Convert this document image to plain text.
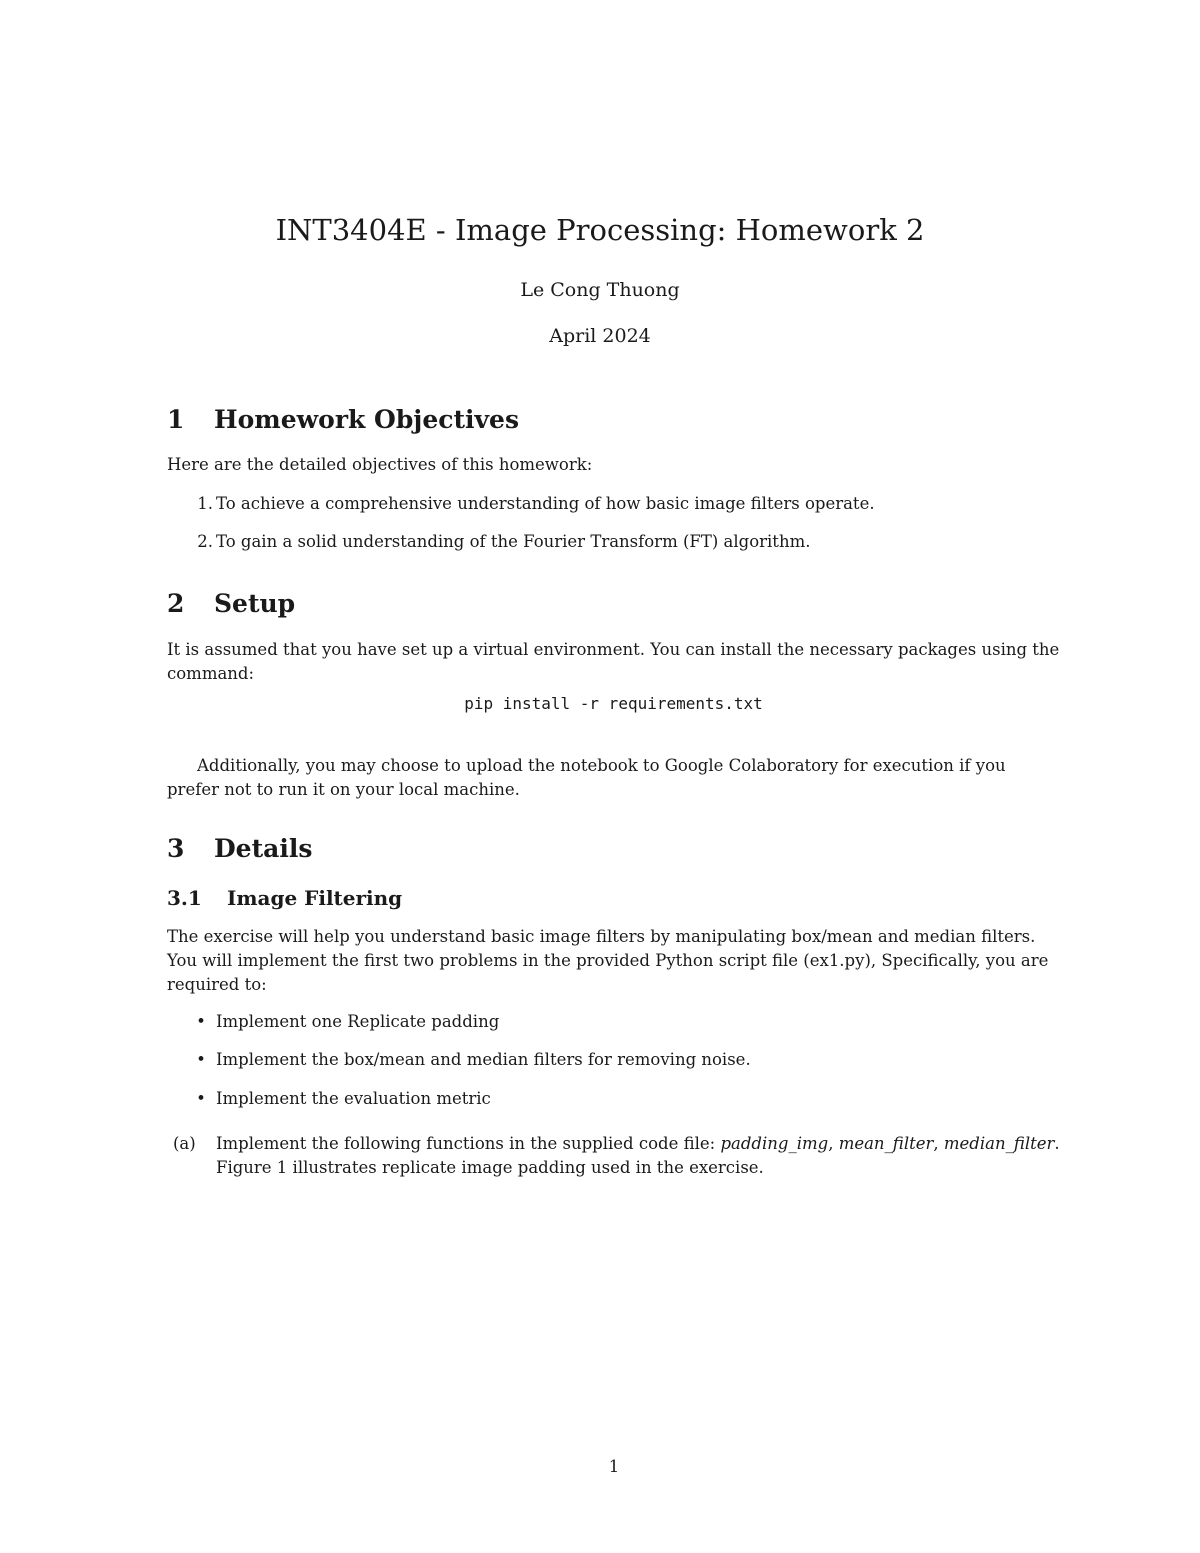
INT3404E - Image Processing: Homework 2
Le Cong Thuong
April 2024
1 Homework Objectives
Here are the detailed objectives of this homework:
1. To achieve a comprehensive understanding of how basic image filters operate.
2. To gain a solid understanding of the Fourier Transform (FT) algorithm.
2 Setup
It is assumed that you have set up a virtual environment. You can install the necessary packages using the command:
pip install -r requirements.txt
Additionally, you may choose to upload the notebook to Google Colaboratory for execution if you prefer not to run it on your local machine.
3 Details
3.1 Image Filtering
The exercise will help you understand basic image filters by manipulating box/mean and median filters. You will implement the first two problems in the provided Python script file (ex1.py), Specifically, you are required to:
• Implement one Replicate padding
• Implement the box/mean and median filters for removing noise.
• Implement the evaluation metric
(a)	Implement the following functions in the supplied code file: padding_img, mean_filter, median_filter.
Figure 1 illustrates replicate image padding used in the exercise.
1
